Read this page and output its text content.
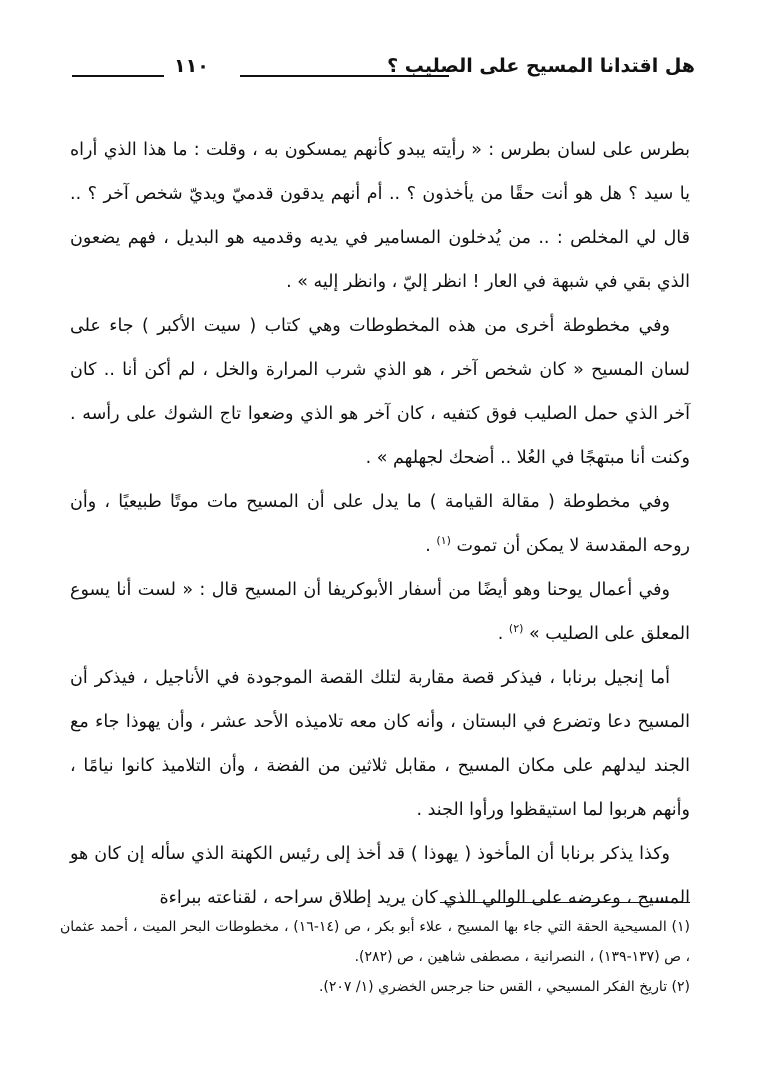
هل اقتدانا المسيح على الصليب ؟
١١٠

بطرس على لسان بطرس : « رأيته يبدو كأنهم يمسكون به ، وقلت : ما هذا الذي أراه يا سيد ؟ هل هو أنت حقًا من يأخذون ؟ .. أم أنهم يدقون قدميّ ويديّ شخص آخر ؟ .. قال لي المخلص : .. من يُدخلون المسامير في يديه وقدميه هو البديل ، فهم يضعون الذي بقي في شبهة في العار ! انظر إليّ ، وانظر إليه » .

وفي مخطوطة أخرى من هذه المخطوطات وهي كتاب ( سيت الأكبر ) جاء على لسان المسيح « كان شخص آخر ، هو الذي شرب المرارة والخل ، لم أكن أنا .. كان آخر الذي حمل الصليب فوق كتفيه ، كان آخر هو الذي وضعوا تاج الشوك على رأسه . وكنت أنا مبتهجًا في العُلا .. أضحك لجهلهم » .

وفي مخطوطة ( مقالة القيامة ) ما يدل على أن المسيح مات موتًا طبيعيًا ، وأن روحه المقدسة لا يمكن أن تموت $^{(١)}$ .

وفي أعمال يوحنا وهو أيضًا من أسفار الأبوكريفا أن المسيح قال : « لست أنا يسوع المعلق على الصليب » $^{(٢)}$ .

أما إنجيل برنابا ، فيذكر قصة مقاربة لتلك القصة الموجودة في الأناجيل ، فيذكر أن المسيح دعا وتضرع في البستان ، وأنه كان معه تلاميذه الأحد عشر ، وأن يهوذا جاء مع الجند ليدلهم على مكان المسيح ، مقابل ثلاثين من الفضة ، وأن التلاميذ كانوا نيامًا ، وأنهم هربوا لما استيقظوا ورأوا الجند .

وكذا يذكر برنابا أن المأخوذ ( يهوذا ) قد أخذ إلى رئيس الكهنة الذي سأله إن كان هو المسيح ، وعرضه على الوالي الذي كان يريد إطلاق سراحه ، لقناعته ببراءة

(١) المسيحية الحقة التي جاء بها المسيح ، علاء أبو بكر ، ص (١٤-١٦) ، مخطوطات البحر الميت ، أحمد عثمان ، ص (١٣٧-١٣٩) ، النصرانية ، مصطفى شاهين ، ص (٢٨٢).

(٢) تاريخ الفكر المسيحي ، القس حنا جرجس الخضري (١/ ٢٠٧).
